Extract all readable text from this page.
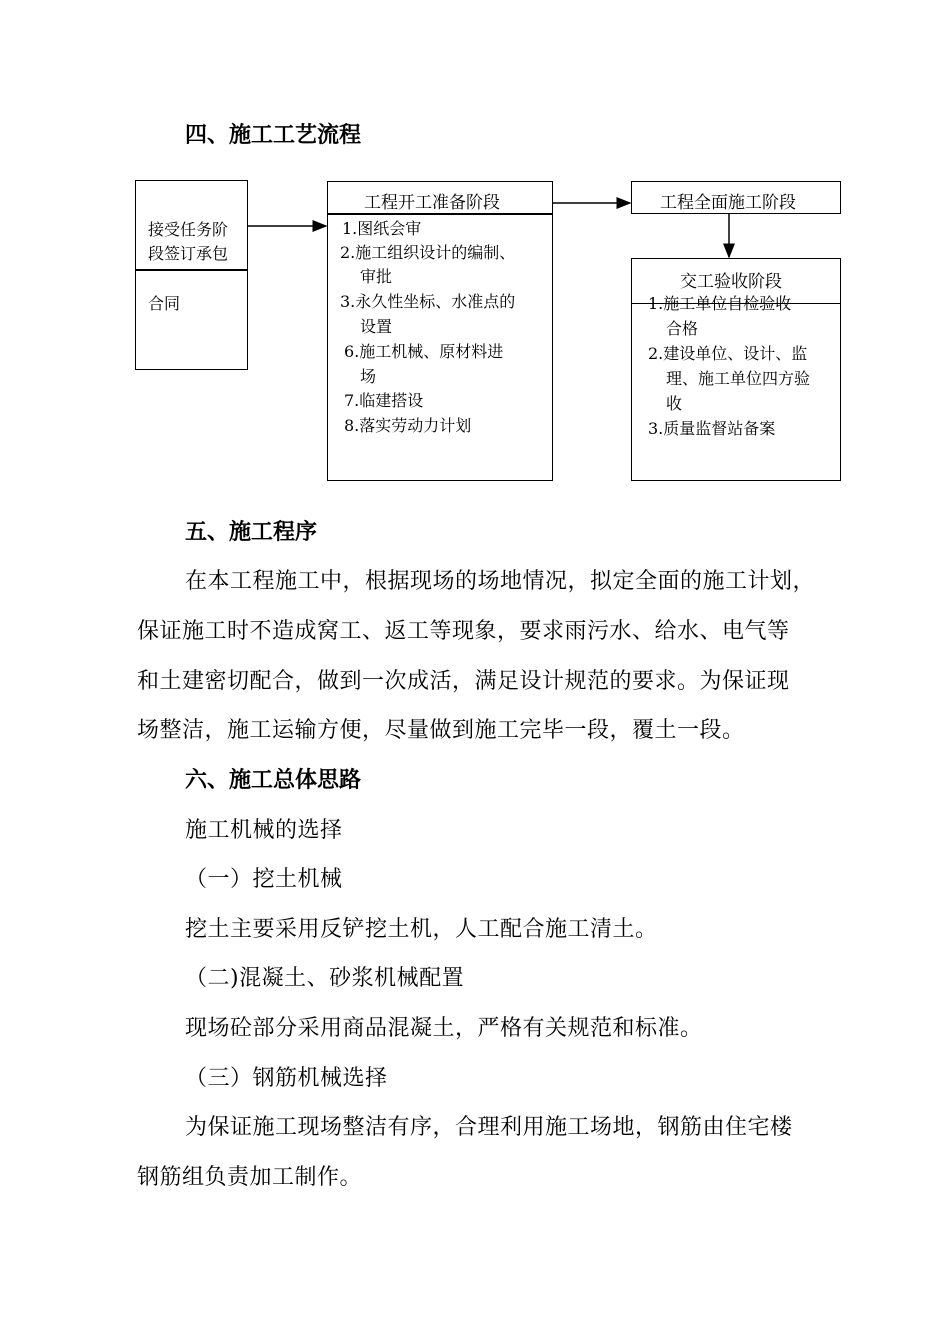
四、施工工艺流程
接受任务阶
段签订承包
合同
工程开工准备阶段
1.图纸会审
2.施工组织设计的编制、
审批
3.永久性坐标、水准点的
设置
6.施工机械、原材料进
场
7.临建搭设
8.落实劳动力计划
工程全面施工阶段
交工验收阶段
1.施工单位自检验收
合格
2.建设单位、设计、监
理、施工单位四方验
收
3.质量监督站备案
五、施工程序
在本工程施工中，根据现场的场地情况，拟定全面的施工计划，
保证施工时不造成窝工、返工等现象，要求雨污水、给水、电气等
和土建密切配合，做到一次成活，满足设计规范的要求。为保证现
场整洁，施工运输方便，尽量做到施工完毕一段，覆土一段。
六、施工总体思路
施工机械的选择
（一）挖土机械
挖土主要采用反铲挖土机，人工配合施工清土。
（二)混凝土、砂浆机械配置
现场砼部分采用商品混凝土，严格有关规范和标准。
（三）钢筋机械选择
为保证施工现场整洁有序，合理利用施工场地，钢筋由住宅楼
钢筋组负责加工制作。
